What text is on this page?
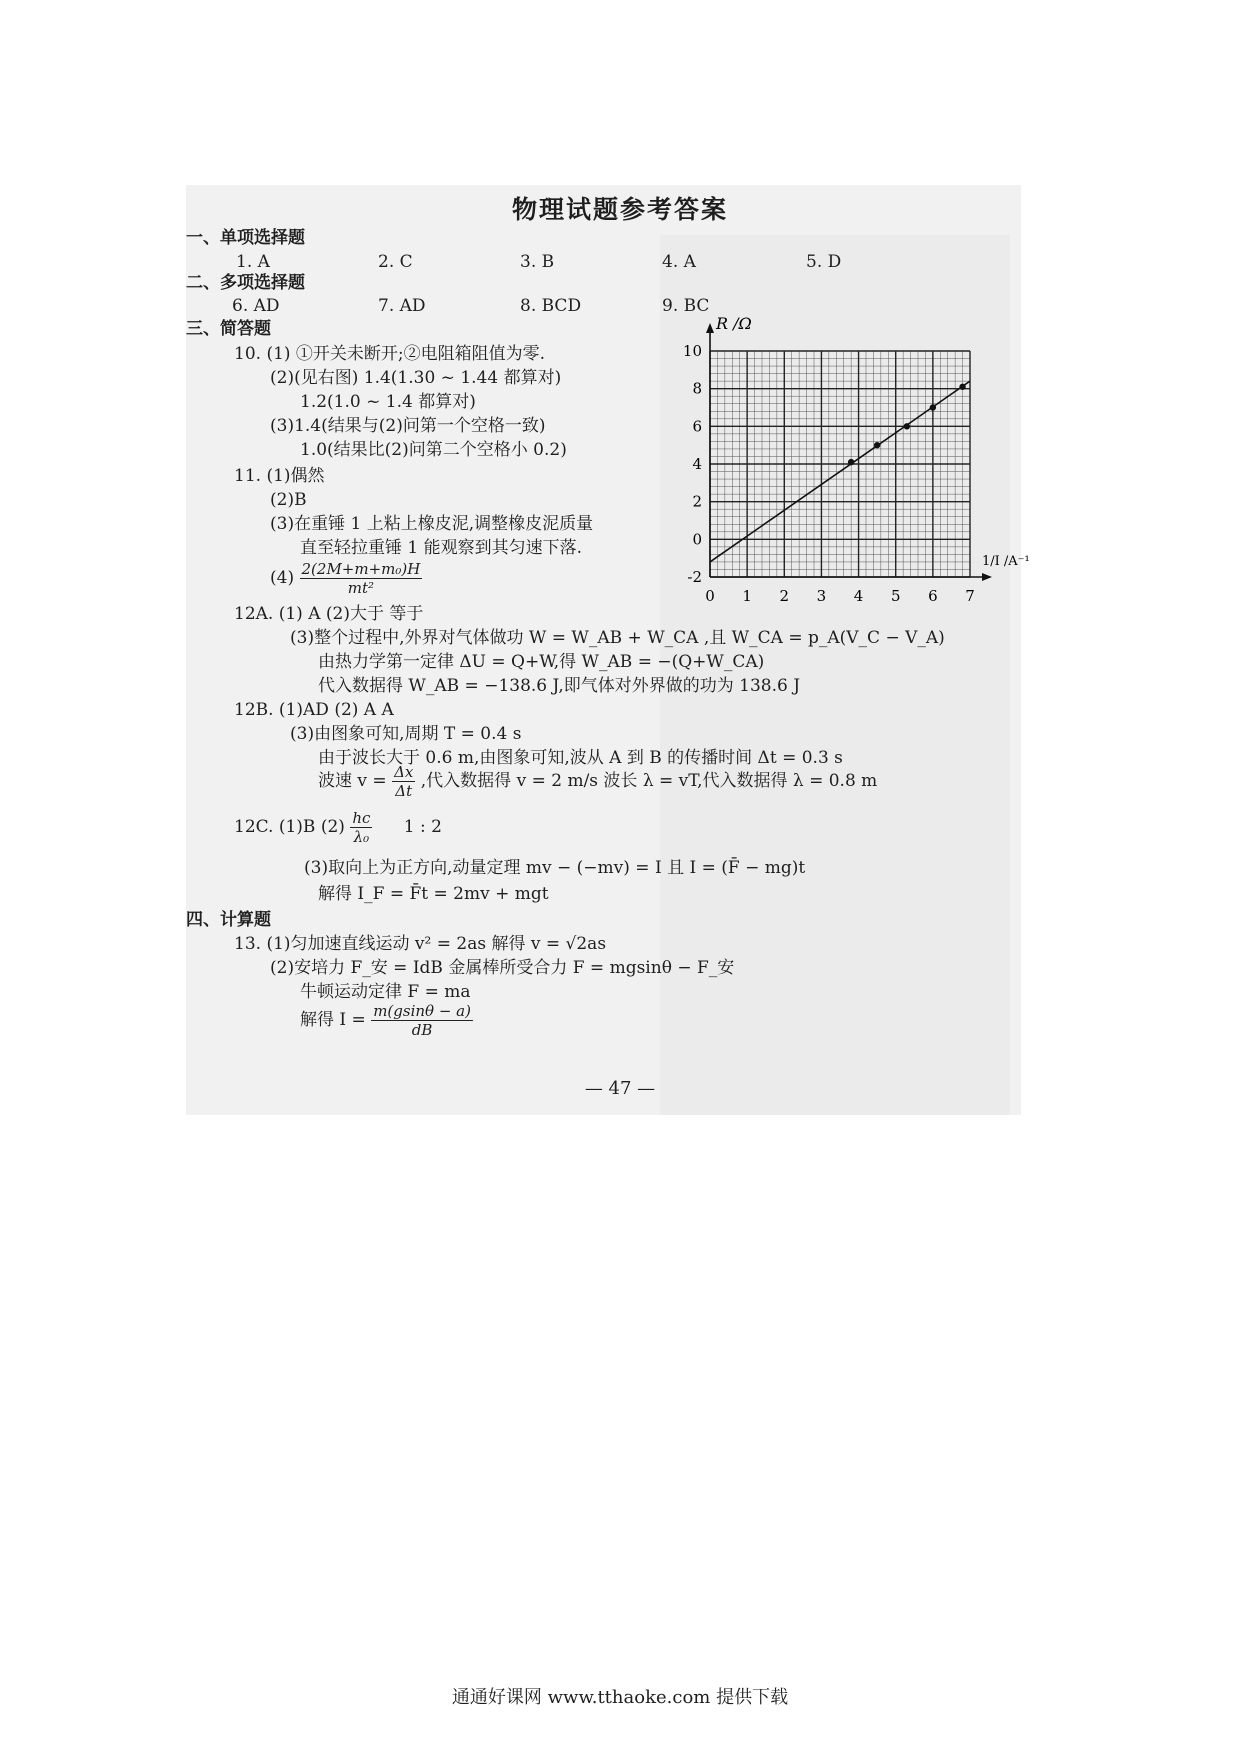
物理试题参考答案
一、单项选择题
1. A	2. C	3. B	4. A	5. D
二、多项选择题
6. AD	7. AD	8. BCD	9. BC
三、简答题
10. (1) ①开关未断开;②电阻箱阻值为零.
(2)(见右图) 1.4(1.30 ~ 1.44 都算对)
1.2(1.0 ~ 1.4 都算对)
(3)1.4(结果与(2)问第一个空格一致)
1.0(结果比(2)问第二个空格小 0.2)
11. (1)偶然
(2)B
(3)在重锤 1 上粘上橡皮泥,调整橡皮泥质量
直至轻拉重锤 1 能观察到其匀速下落.
$(4) \frac{\text{2(2M+m+m₀)H}}{\text{mt²}}$
12A. (1) A (2)大于 等于
(3)整个过程中,外界对气体做功 W = W_AB + W_CA ,且 W_CA = p_A(V_C − V_A)
由热力学第一定律 ΔU = Q+W,得 W_AB = −(Q+W_CA)
代入数据得 W_AB = −138.6 J,即气体对外界做的功为 138.6 J
12B. (1)AD (2) A A
(3)由图象可知,周期 T = 0.4 s
由于波长大于 0.6 m,由图象可知,波从 A 到 B 的传播时间 Δt = 0.3 s
波速 $v = \frac{\Delta x}{\Delta t}$ ,代入数据得 v = 2 m/s 波长 λ = vT,代入数据得 λ = 0.8 m
12C. (1)B $(2) \frac{hc}{\text{λ₀}} 1$ : 2
(3)取向上为正方向,动量定理 mv − (−mv) = I 且 I = (F̄ − mg)t
解得 I_F = F̄t = 2mv + mgt
四、计算题
13. (1)匀加速直线运动 v² = 2as 解得 v = √2as
(2)安培力 F_安 = IdB 金属棒所受合力 F = mgsinθ − F_安
牛顿运动定律 F = ma
解得 $I = \frac{m(gsin\theta - a)}{dB}$
— 47 —
通通好课网 www.tthaoke.com 提供下载
0 1 2 3 4 5 6 7
-2
0
2
4
6
8
10
R /Ω
1/I /A⁻¹
